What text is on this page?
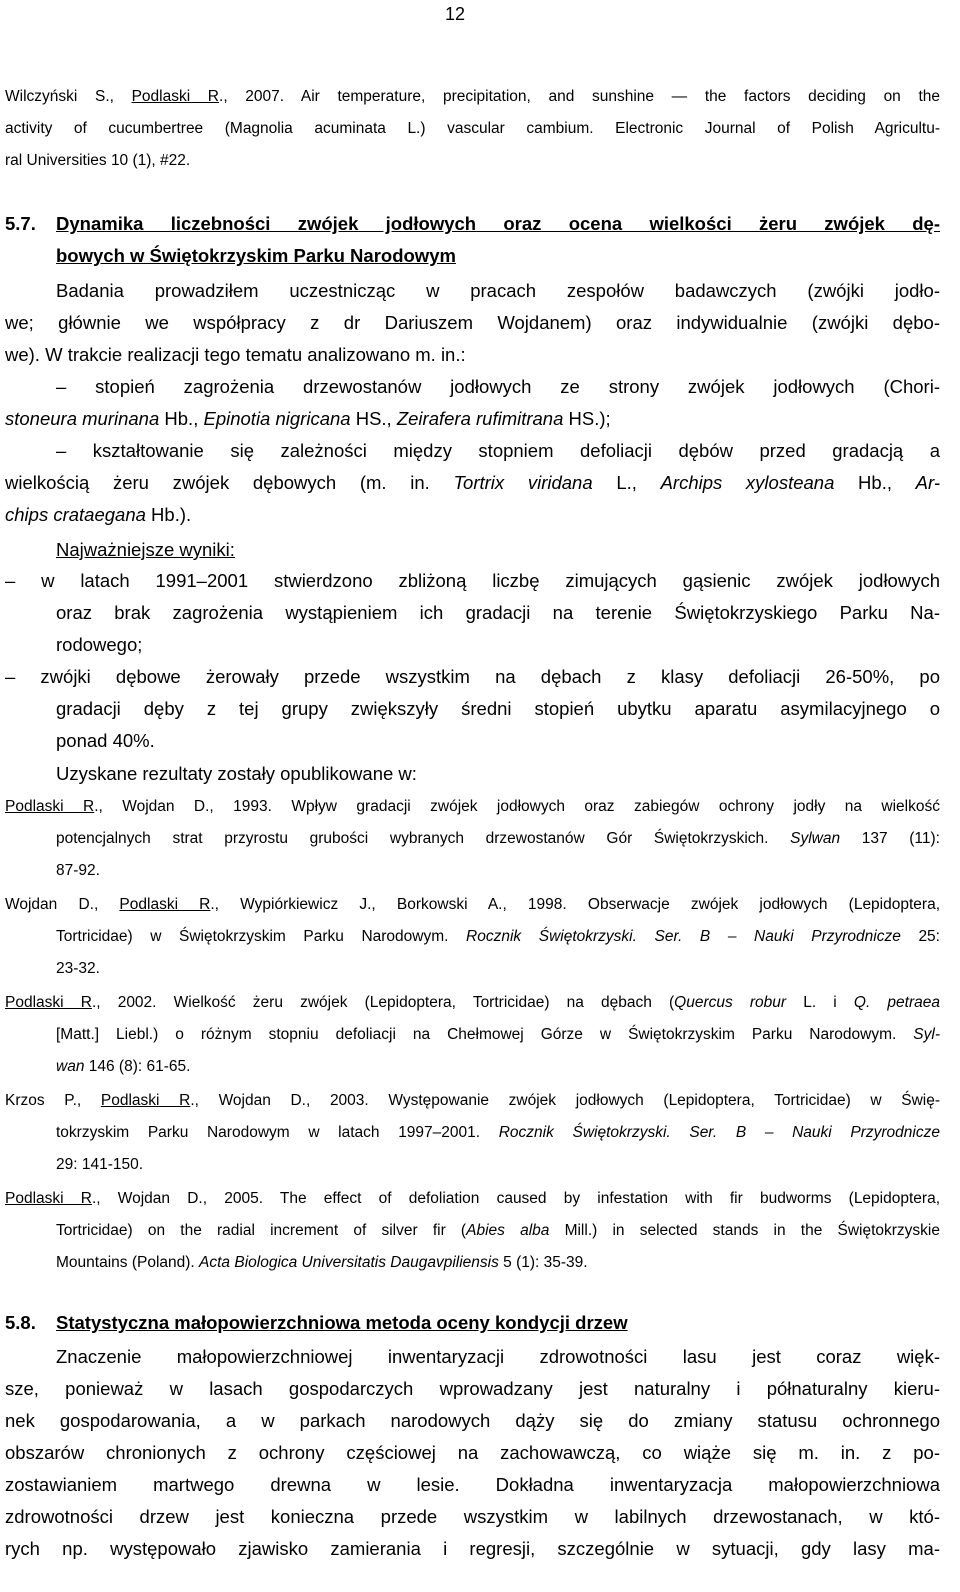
12
Wilczyński S., Podlaski R., 2007. Air temperature, precipitation, and sunshine — the factors deciding on the
activity of cucumbertree (Magnolia acuminata L.) vascular cambium. Electronic Journal of Polish Agricultu-
ral Universities 10 (1), #22.
5.7. Dynamika liczebności zwójek jodłowych oraz ocena wielkości żeru zwójek dę-
bowych w Świętokrzyskim Parku Narodowym
Badania prowadziłem uczestnicząc w pracach zespołów badawczych (zwójki jodło-
we; głównie we współpracy z dr Dariuszem Wojdanem) oraz indywidualnie (zwójki dębo-
we). W trakcie realizacji tego tematu analizowano m. in.:
– stopień zagrożenia drzewostanów jodłowych ze strony zwójek jodłowych (Chori-
stoneura murinana Hb., Epinotia nigricana HS., Zeirafera rufimitrana HS.);
– kształtowanie się zależności między stopniem defoliacji dębów przed gradacją a
wielkością żeru zwójek dębowych (m. in. Tortrix viridana L., Archips xylosteana Hb., Ar-
chips crataegana Hb.).
Najważniejsze wyniki:
– w latach 1991–2001 stwierdzono zbliżoną liczbę zimujących gąsienic zwójek jodłowych
oraz brak zagrożenia wystąpieniem ich gradacji na terenie Świętokrzyskiego Parku Na-
rodowego;
– zwójki dębowe żerowały przede wszystkim na dębach z klasy defoliacji 26-50%, po
gradacji dęby z tej grupy zwiększyły średni stopień ubytku aparatu asymilacyjnego o
ponad 40%.
Uzyskane rezultaty zostały opublikowane w:
Podlaski R., Wojdan D., 1993. Wpływ gradacji zwójek jodłowych oraz zabiegów ochrony jodły na wielkość
potencjalnych strat przyrostu grubości wybranych drzewostanów Gór Świętokrzyskich. Sylwan 137 (11):
87-92.
Wojdan D., Podlaski R., Wypiórkiewicz J., Borkowski A., 1998. Obserwacje zwójek jodłowych (Lepidoptera,
Tortricidae) w Świętokrzyskim Parku Narodowym. Rocznik Świętokrzyski. Ser. B – Nauki Przyrodnicze 25:
23-32.
Podlaski R., 2002. Wielkość żeru zwójek (Lepidoptera, Tortricidae) na dębach (Quercus robur L. i Q. petraea
[Matt.] Liebl.) o różnym stopniu defoliacji na Chełmowej Górze w Świętokrzyskim Parku Narodowym. Syl-
wan 146 (8): 61-65.
Krzos P., Podlaski R., Wojdan D., 2003. Występowanie zwójek jodłowych (Lepidoptera, Tortricidae) w Świę-
tokrzyskim Parku Narodowym w latach 1997–2001. Rocznik Świętokrzyski. Ser. B – Nauki Przyrodnicze
29: 141-150.
Podlaski R., Wojdan D., 2005. The effect of defoliation caused by infestation with fir budworms (Lepidoptera,
Tortricidae) on the radial increment of silver fir (Abies alba Mill.) in selected stands in the Świętokrzyskie
Mountains (Poland). Acta Biologica Universitatis Daugavpiliensis 5 (1): 35-39.
5.8. Statystyczna małopowierzchniowa metoda oceny kondycji drzew
Znaczenie małopowierzchniowej inwentaryzacji zdrowotności lasu jest coraz więk-
sze, ponieważ w lasach gospodarczych wprowadzany jest naturalny i półnaturalny kieru-
nek gospodarowania, a w parkach narodowych dąży się do zmiany statusu ochronnego
obszarów chronionych z ochrony częściowej na zachowawczą, co wiąże się m. in. z po-
zostawianiem martwego drewna w lesie. Dokładna inwentaryzacja małopowierzchniowa
zdrowotności drzew jest konieczna przede wszystkim w labilnych drzewostanach, w któ-
rych np. występowało zjawisko zamierania i regresji, szczególnie w sytuacji, gdy lasy ma-
